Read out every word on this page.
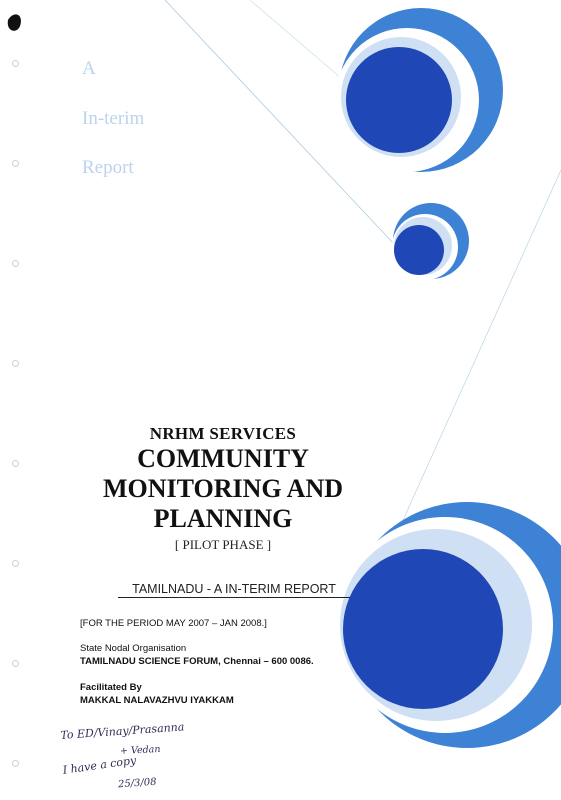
A
In-terim
Report
NRHM SERVICES
COMMUNITY
MONITORING AND
PLANNING
[ PILOT PHASE ]
TAMILNADU - A IN-TERIM REPORT
[FOR THE PERIOD MAY 2007 – JAN 2008.]
State Nodal Organisation
TAMILNADU SCIENCE FORUM, Chennai – 600 0086.
Facilitated By
MAKKAL NALAVAZHVU IYAKKAM
To ED/Vinay/Prasanna
+ Vedan
I have a copy
25/3/08
